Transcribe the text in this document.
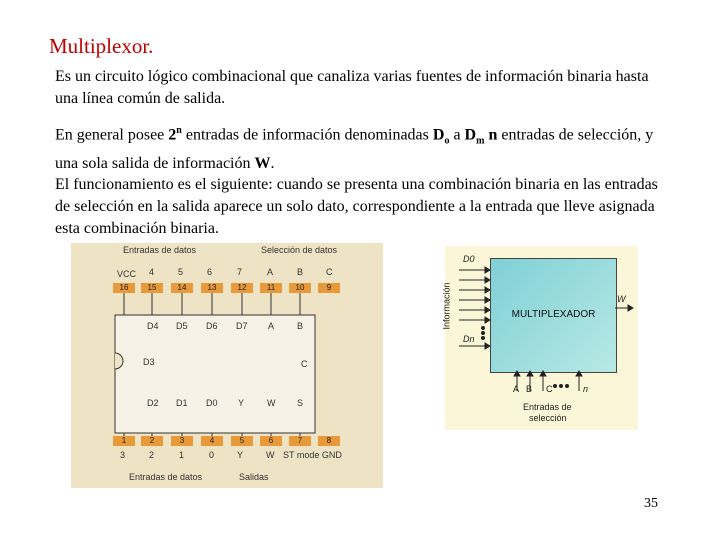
Multiplexor.
Es un circuito lógico combinacional que canaliza varias fuentes de información binaria hasta una línea común de salida.
En general posee 2$^n$ entradas de información denominadas $D_o$ a $D_m$ n entradas de selección, y una sola salida de información W.
El funcionamiento es el siguiente: cuando se presenta una combinación binaria en las entradas de selección en la salida aparece un solo dato, correspondiente a la entrada que lleve asignada esta combinación binaria.
Entradas de datos	Selección de datos
VCC 4	5	6	7	A	B	C
16	15	14	13	12	11	10	9
D4 D5 D6 D7 A	B
D3	C
D2 D1 D0 Y	W S
1	2	3	4	5	6	7	8
3	2	1	0	Y	W ST mode GND
Entradas de datos	Salidas
MULTIPLEXADOR
D0
Dn
Información	W
A B C	n
Entradas de
selección
35
